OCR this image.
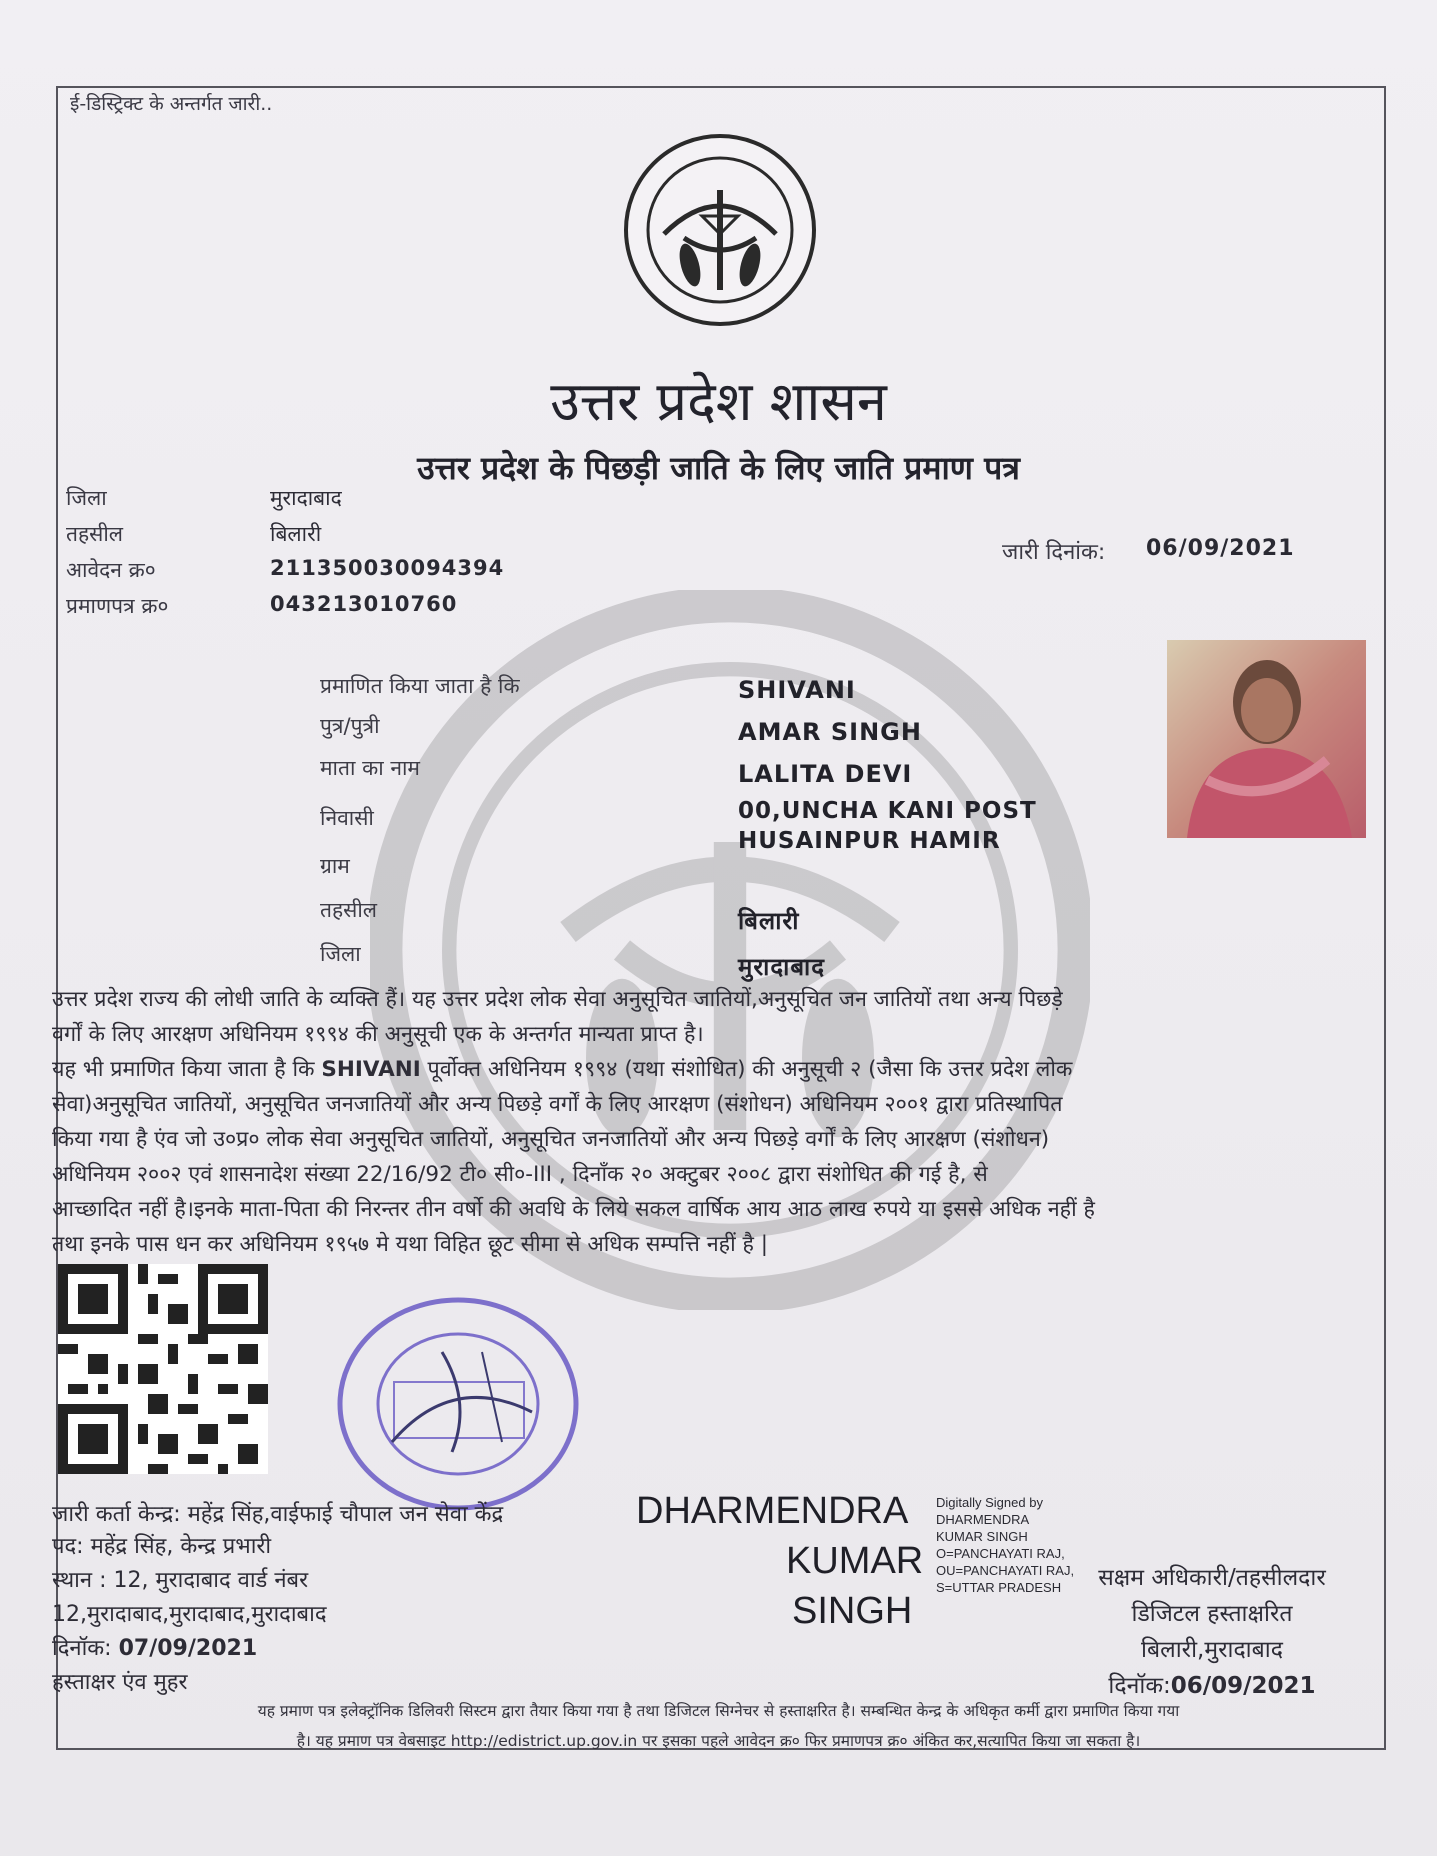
ई-डिस्ट्रिक्ट के अन्तर्गत जारी..
उत्तर प्रदेश शासन
उत्तर प्रदेश के पिछड़ी जाति के लिए जाति प्रमाण पत्र
जिला	मुरादाबाद
तहसील	बिलारी
आवेदन क्र०	211350030094394
प्रमाणपत्र क्र०	043213010760
जारी दिनांक: 06/09/2021
प्रमाणित किया जाता है कि	SHIVANI
पुत्र/पुत्री	AMAR SINGH
माता का नाम	LALITA DEVI
निवासी	00,UNCHA KANI POST
HUSAINPUR HAMIR
ग्राम
तहसील	बिलारी
जिला	मुरादाबाद

उत्तर प्रदेश राज्य की लोधी जाति के व्यक्ति हैं। यह उत्तर प्रदेश लोक सेवा अनुसूचित जातियों,अनुसूचित जन जातियों तथा अन्य पिछड़े

वर्गों के लिए आरक्षण अधिनियम १९९४ की अनुसूची एक के अन्तर्गत मान्यता प्राप्त है।

यह भी प्रमाणित किया जाता है कि SHIVANI पूर्वोक्त अधिनियम १९९४ (यथा संशोधित) की अनुसूची २ (जैसा कि उत्तर प्रदेश लोक

सेवा)अनुसूचित जातियों, अनुसूचित जनजातियों और अन्य पिछड़े वर्गों के लिए आरक्षण (संशोधन) अधिनियम २००१ द्वारा प्रतिस्थापित

किया गया है एंव जो उ०प्र० लोक सेवा अनुसूचित जातियों, अनुसूचित जनजातियों और अन्य पिछड़े वर्गों के लिए आरक्षण (संशोधन)

अधिनियम २००२ एवं शासनादेश संख्या 22/16/92 टी० सी०-III , दिनाँक २० अक्टुबर २००८ द्वारा संशोधित की गई है, से

आच्छादित नहीं है।इनके माता-पिता की निरन्तर तीन वर्षो की अवधि के लिये सकल वार्षिक आय आठ लाख रुपये या इससे अधिक नहीं है

तथा इनके पास धन कर अधिनियम १९५७ मे यथा विहित छूट सीमा से अधिक सम्पत्ति नहीं है |

जारी कर्ता केन्द्र: महेंद्र सिंह,वाईफाई चौपाल जन सेवा केंद्र
पद: महेंद्र सिंह, केन्द्र प्रभारी
स्थान : 12, मुरादाबाद वार्ड नंबर
12,मुरादाबाद,मुरादाबाद,मुरादाबाद
दिनॉक: 07/09/2021
हस्ताक्षर एंव मुहर
DHARMENDRA
KUMAR
SINGH
Digitally Signed by DHARMENDRA KUMAR SINGH O=PANCHAYATI RAJ, OU=PANCHAYATI RAJ, S=UTTAR PRADESH	सक्षम अधिकारी/तहसीलदार
डिजिटल हस्ताक्षरित
बिलारी,मुरादाबाद
दिनॉक:06/09/2021

यह प्रमाण पत्र इलेक्ट्रॉनिक डिलिवरी सिस्टम द्वारा तैयार किया गया है तथा डिजिटल सिग्नेचर से हस्ताक्षरित है। सम्बन्धित केन्द्र के अधिकृत कर्मी द्वारा प्रमाणित किया गया

है। यह प्रमाण पत्र वेबसाइट http://edistrict.up.gov.in पर इसका पहले आवेदन क्र० फिर प्रमाणपत्र क्र० अंकित कर,सत्यापित किया जा सकता है।
